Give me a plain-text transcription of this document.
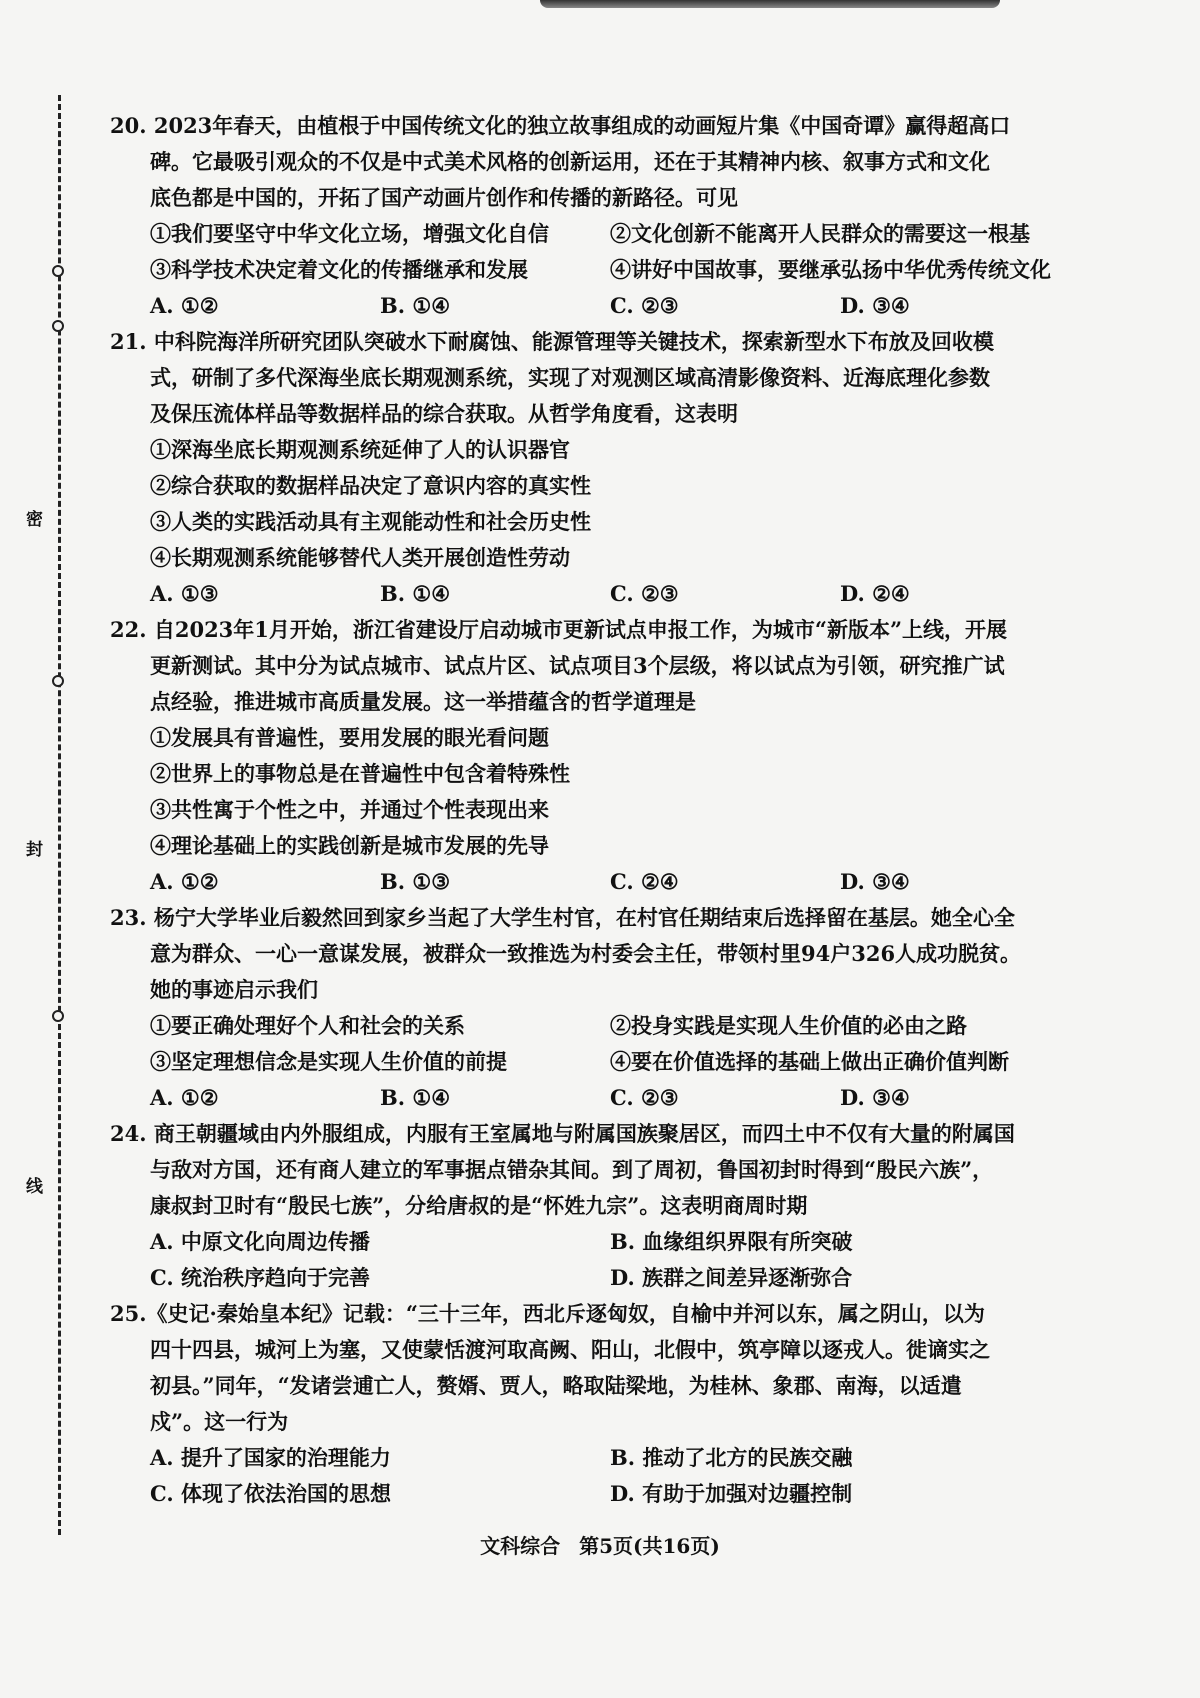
密
封
线
20. 2023年春天，由植根于中国传统文化的独立故事组成的动画短片集《中国奇谭》赢得超高口
碑。它最吸引观众的不仅是中式美术风格的创新运用，还在于其精神内核、叙事方式和文化
底色都是中国的，开拓了国产动画片创作和传播的新路径。可见
①我们要坚守中华文化立场，增强文化自信	②文化创新不能离开人民群众的需要这一根基
③科学技术决定着文化的传播继承和发展	④讲好中国故事，要继承弘扬中华优秀传统文化
A. ①②	B. ①④	C. ②③	D. ③④
21. 中科院海洋所研究团队突破水下耐腐蚀、能源管理等关键技术，探索新型水下布放及回收模
式，研制了多代深海坐底长期观测系统，实现了对观测区域高清影像资料、近海底理化参数
及保压流体样品等数据样品的综合获取。从哲学角度看，这表明
①深海坐底长期观测系统延伸了人的认识器官
②综合获取的数据样品决定了意识内容的真实性
③人类的实践活动具有主观能动性和社会历史性
④长期观测系统能够替代人类开展创造性劳动
A. ①③	B. ①④	C. ②③	D. ②④
22. 自2023年1月开始，浙江省建设厅启动城市更新试点申报工作，为城市“新版本”上线，开展
更新测试。其中分为试点城市、试点片区、试点项目3个层级，将以试点为引领，研究推广试
点经验，推进城市高质量发展。这一举措蕴含的哲学道理是
①发展具有普遍性，要用发展的眼光看问题
②世界上的事物总是在普遍性中包含着特殊性
③共性寓于个性之中，并通过个性表现出来
④理论基础上的实践创新是城市发展的先导
A. ①②	B. ①③	C. ②④	D. ③④
23. 杨宁大学毕业后毅然回到家乡当起了大学生村官，在村官任期结束后选择留在基层。她全心全
意为群众、一心一意谋发展，被群众一致推选为村委会主任，带领村里94户326人成功脱贫。
她的事迹启示我们
①要正确处理好个人和社会的关系	②投身实践是实现人生价值的必由之路
③坚定理想信念是实现人生价值的前提	④要在价值选择的基础上做出正确价值判断
A. ①②	B. ①④	C. ②③	D. ③④
24. 商王朝疆域由内外服组成，内服有王室属地与附属国族聚居区，而四土中不仅有大量的附属国
与敌对方国，还有商人建立的军事据点错杂其间。到了周初，鲁国初封时得到“殷民六族”，
康叔封卫时有“殷民七族”，分给唐叔的是“怀姓九宗”。这表明商周时期
A. 中原文化向周边传播	B. 血缘组织界限有所突破
C. 统治秩序趋向于完善	D. 族群之间差异逐渐弥合
25.《史记·秦始皇本纪》记载：“三十三年，西北斥逐匈奴，自榆中并河以东，属之阴山，以为
四十四县，城河上为塞，又使蒙恬渡河取高阙、阳山，北假中，筑亭障以逐戎人。徙谪实之
初县。”同年，“发诸尝逋亡人，赘婿、贾人，略取陆梁地，为桂林、象郡、南海，以适遣
戍”。这一行为
A. 提升了国家的治理能力	B. 推动了北方的民族交融
C. 体现了依法治国的思想	D. 有助于加强对边疆控制
文科综合 第5页(共16页)
